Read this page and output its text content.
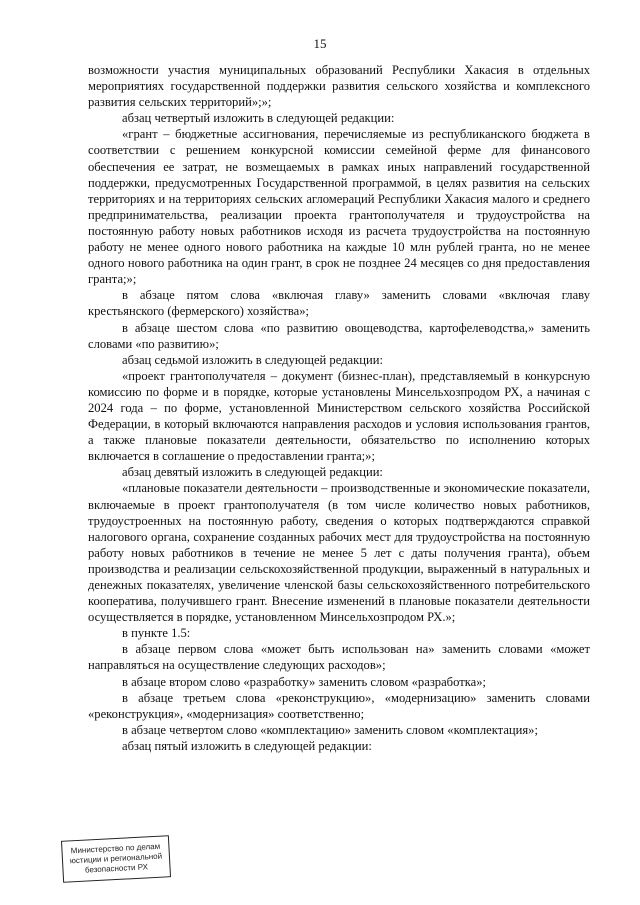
15

возможности участия муниципальных образований Республики Хакасия в отдельных мероприятиях государственной поддержки развития сельского хозяйства и комплексного развития сельских территорий»;»;

абзац четвертый изложить в следующей редакции:

«грант – бюджетные ассигнования, перечисляемые из республиканского бюджета в соответствии с решением конкурсной комиссии семейной ферме для финансового обеспечения ее затрат, не возмещаемых в рамках иных направлений государственной поддержки, предусмотренных Государственной программой, в целях развития на сельских территориях и на территориях сельских агломераций Республики Хакасия малого и среднего предпринимательства, реализации проекта грантополучателя и трудоустройства на постоянную работу новых работников исходя из расчета трудоустройства на постоянную работу не менее одного нового работника на каждые 10 млн рублей гранта, но не менее одного нового работника на один грант, в срок не позднее 24 месяцев со дня предоставления гранта;»;

в абзаце пятом слова «включая главу» заменить словами «включая главу крестьянского (фермерского) хозяйства»;

в абзаце шестом слова «по развитию овощеводства, картофелеводства,» заменить словами «по развитию»;

абзац седьмой изложить в следующей редакции:

«проект грантополучателя – документ (бизнес-план), представляемый в конкурсную комиссию по форме и в порядке, которые установлены Минсельхозпродом РХ, а начиная с 2024 года – по форме, установленной Министерством сельского хозяйства Российской Федерации, в который включаются направления расходов и условия использования грантов, а также плановые показатели деятельности, обязательство по исполнению которых включается в соглашение о предоставлении гранта;»;

абзац девятый изложить в следующей редакции:

«плановые показатели деятельности – производственные и экономические показатели, включаемые в проект грантополучателя (в том числе количество новых работников, трудоустроенных на постоянную работу, сведения о которых подтверждаются справкой налогового органа, сохранение созданных рабочих мест для трудоустройства на постоянную работу новых работников в течение не менее 5 лет с даты получения гранта), объем производства и реализации сельскохозяйственной продукции, выраженный в натуральных и денежных показателях, увеличение членской базы сельскохозяйственного потребительского кооператива, получившего грант. Внесение изменений в плановые показатели деятельности осуществляется в порядке, установленном Минсельхозпродом РХ.»;

в пункте 1.5:

в абзаце первом слова «может быть использован на» заменить словами «может направляться на осуществление следующих расходов»;

в абзаце втором слово «разработку» заменить словом «разработка»;

в абзаце третьем слова «реконструкцию», «модернизацию» заменить словами «реконструкция», «модернизация» соответственно;

в абзаце четвертом слово «комплектацию» заменить словом «комплектация»;

абзац пятый изложить в следующей редакции:

Министерство по делам
юстиции и региональной
безопасности РХ
